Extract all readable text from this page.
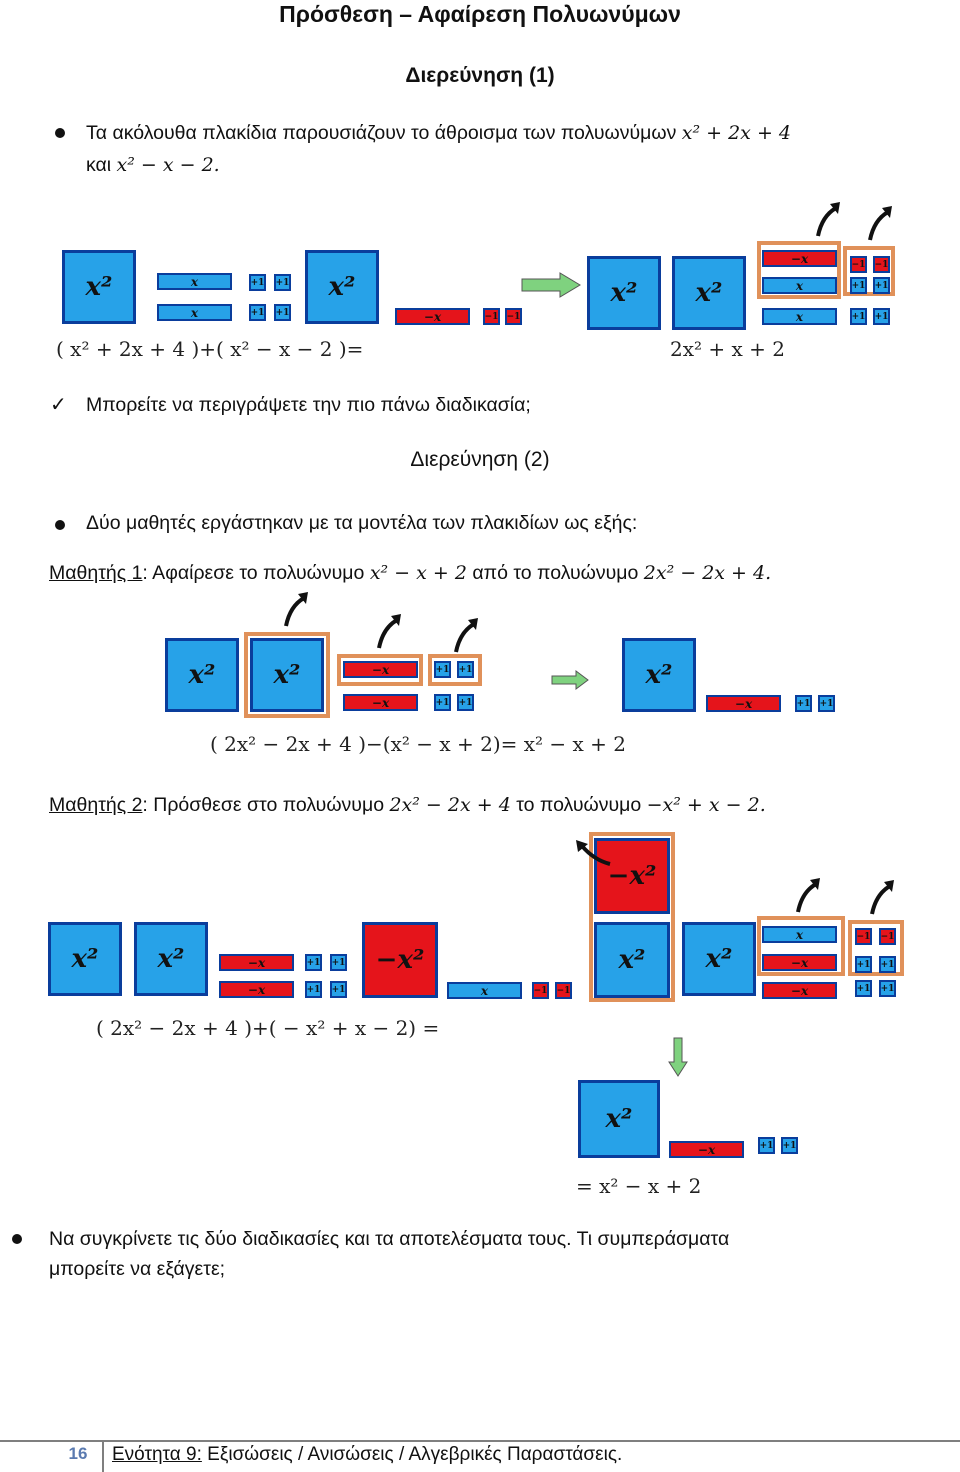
Πρόσθεση – Αφαίρεση Πολυωνύμων
Διερεύνηση (1)
Τα ακόλουθα πλακίδια παρουσιάζουν το άθροισμα των πολυωνύμων x² + 2x + 4
και x² − x − 2.
x²	x
x
+1 +1
+1 +1
x²
−x	−1 −1
x²	x²
−x
x
x
−1 −1
+1 +1
+1 +1
( x² + 2x + 4 )+( x² − x − 2 )=	2x² + x + 2
✓ Μπορείτε να περιγράψετε την πιο πάνω διαδικασία;
Διερεύνηση (2)
Δύο μαθητές εργάστηκαν με τα μοντέλα των πλακιδίων ως εξής:
Μαθητής 1: Αφαίρεσε το πολυώνυμο x² − x + 2 από το πολυώνυμο 2x² − 2x + 4.
x²	x²	−x
−x
+1 +1
+1 +1
x²
−x	+1 +1
( 2x² − 2x + 4 )−(x² − x + 2)= x² − x + 2
Μαθητής 2: Πρόσθεσε στο πολυώνυμο 2x² − 2x + 4 το πολυώνυμο −x² + x − 2.
x²	x²	−x
−x
+1 +1
+1 +1
−x²
x	−1 −1
−x²
x²	x²
x
−x
−x
−1 −1
+1 +1
+1 +1
( 2x² − 2x + 4 )+( − x² + x − 2) =
x²
−x	+1 +1
= x² − x + 2
Να συγκρίνετε τις δύο διαδικασίες και τα αποτελέσματα τους. Τι συμπεράσματα
μπορείτε να εξάγετε;
16	Ενότητα 9: Εξισώσεις / Ανισώσεις / Αλγεβρικές Παραστάσεις.
